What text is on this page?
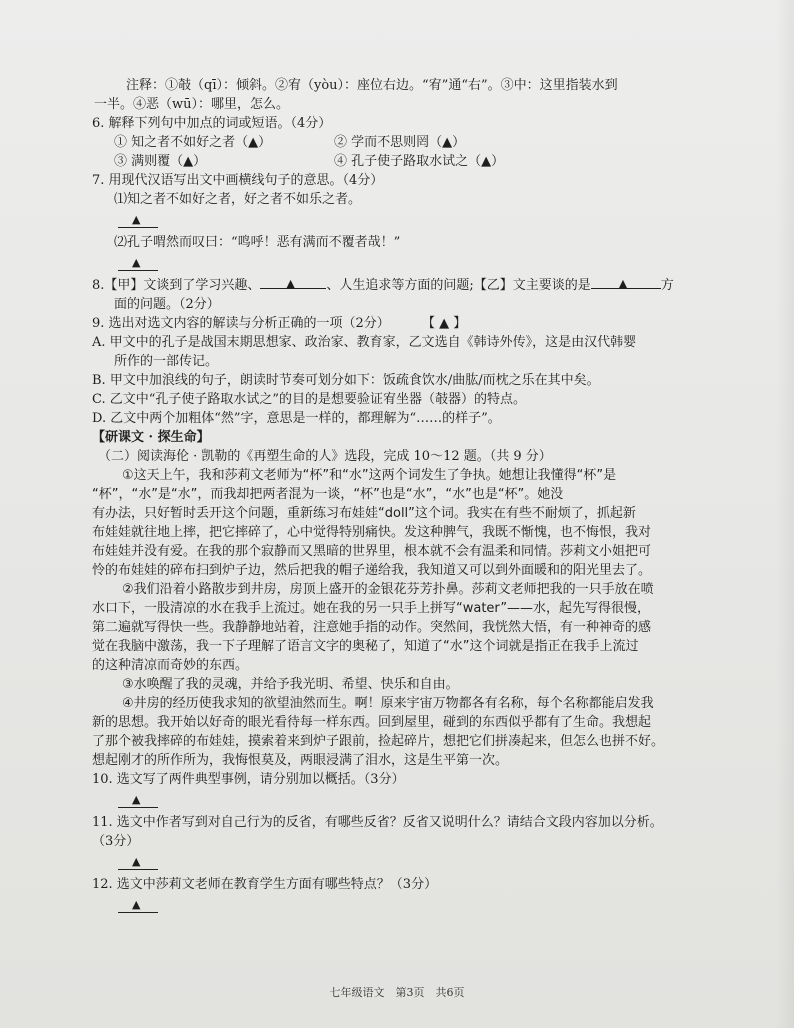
注释：①攲（qī）：倾斜。②宥（yòu）：座位右边。“宥”通“右”。③中：这里指装水到
一半。④恶（wū）：哪里，怎么。
6. 解释下列句中加点的词或短语。（4分）
① 知之者不如好之者（▲）	② 学而不思则罔（▲）
③ 满则覆（▲）	④ 孔子使子路取水试之（▲）
7. 用现代汉语写出文中画横线句子的意思。（4分）
⑴知之者不如好之者，好之者不如乐之者。
▲
⑵孔子喟然而叹曰：“鸣呼！恶有满而不覆者哉！”
▲
8.【甲】文谈到了学习兴趣、 ▲ 、人生追求等方面的问题;【乙】文主要谈的是	▲	方
面的问题。（2分）
9. 选出对选文内容的解读与分析正确的一项（2分） 【 ▲ 】
A. 甲文中的孔子是战国末期思想家、政治家、教育家，乙文选自《韩诗外传》，这是由汉代韩婴
所作的一部传记。
B. 甲文中加浪线的句子，朗读时节奏可划分如下：饭疏食饮水/曲肱/而枕之乐在其中矣。
C. 乙文中“孔子使子路取水试之”的目的是想要验证宥坐器（攲器）的特点。
D. 乙文中两个加粗体“然”字，意思是一样的，都理解为“……的样子”。
【研课文 · 探生命】
（二）阅读海伦 · 凯勒的《再塑生命的人》选段，完成 10～12 题。（共 9 分）
①这天上午，我和莎莉文老师为“杯”和“水”这两个词发生了争执。她想让我懂得“杯”是
“杯”，“水”是“水”，而我却把两者混为一谈，“杯”也是“水”，“水”也是“杯”。她没
有办法，只好暂时丢开这个问题，重新练习布娃娃“doll”这个词。我实在有些不耐烦了，抓起新
布娃娃就往地上摔，把它摔碎了，心中觉得特别痛快。发这种脾气，我既不惭愧，也不悔恨，我对
布娃娃并没有爱。在我的那个寂静而又黑暗的世界里，根本就不会有温柔和同情。莎莉文小姐把可
怜的布娃娃的碎布扫到炉子边，然后把我的帽子递给我，我知道又可以到外面暖和的阳光里去了。
②我们沿着小路散步到井房，房顶上盛开的金银花芬芳扑鼻。莎莉文老师把我的一只手放在喷
水口下，一股清凉的水在我手上流过。她在我的另一只手上拼写“water”——水，起先写得很慢，
第二遍就写得快一些。我静静地站着，注意她手指的动作。突然间，我恍然大悟，有一种神奇的感
觉在我脑中激荡，我一下子理解了语言文字的奥秘了，知道了“水”这个词就是指正在我手上流过
的这种清凉而奇妙的东西。
③水唤醒了我的灵魂，并给予我光明、希望、快乐和自由。
④井房的经历使我求知的欲望油然而生。啊！原来宇宙万物都各有名称，每个名称都能启发我
新的思想。我开始以好奇的眼光看待每一样东西。回到屋里，碰到的东西似乎都有了生命。我想起
了那个被我摔碎的布娃娃，摸索着来到炉子跟前，捡起碎片，想把它们拼凑起来，但怎么也拼不好。
想起刚才的所作所为，我悔恨莫及，两眼浸满了泪水，这是生平第一次。
10. 选文写了两件典型事例，请分别加以概括。（3分）
▲
11. 选文中作者写到对自己行为的反省，有哪些反省？反省又说明什么？请结合文段内容加以分析。
（3分）
▲
12. 选文中莎莉文老师在教育学生方面有哪些特点？（3分）
▲
七年级语文　第3页　共6页
